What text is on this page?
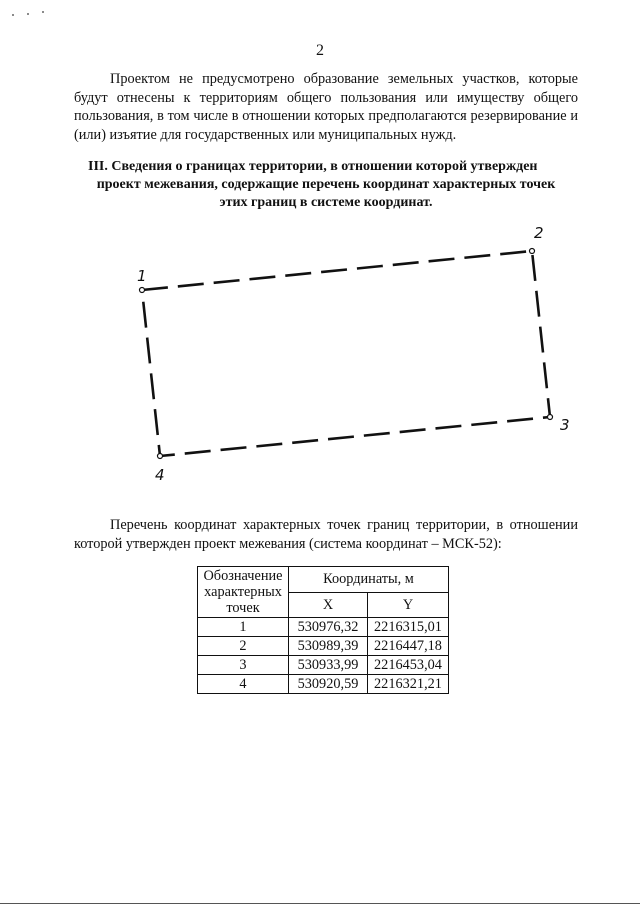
2

Проектом не предусмотрено образование земельных участков, которые будут отнесены к территориям общего пользования или имуществу общего пользования, в том числе в отношении которых предполагаются резервирование и (или) изъятие для государственных или муниципальных нужд.

III. Сведения о границах территории, в отношении которой утвержден
проект межевания, содержащие перечень координат характерных точек
этих границ в системе координат.
1
2
3
4

Перечень координат характерных точек границ территории, в отношении которой утвержден проект межевания (система координат – МСК-52):

Обозначение характерных точек	Координаты, м	
	X	Y
1	530976,32	2216315,01
2	530989,39	2216447,18
3	530933,99	2216453,04
4	530920,59	2216321,21
